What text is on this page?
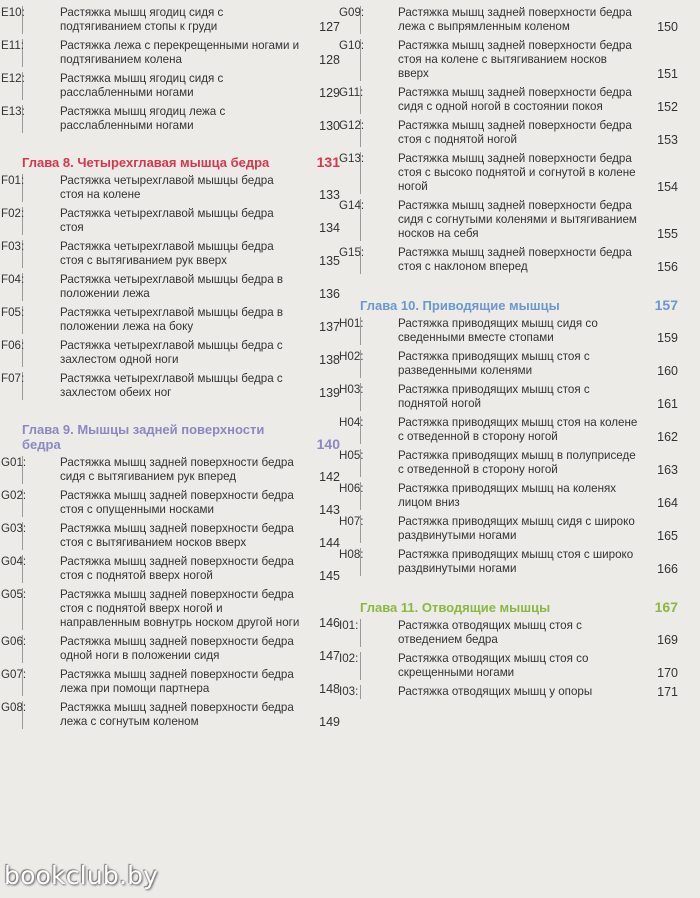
E10:	Растяжка мышц ягодиц сидя с подтягиванием стопы к груди	127
E11:	Растяжка лежа с перекрещенными ногами и подтягиванием колена	128
E12:	Растяжка мышц ягодиц сидя с расслабленными ногами	129
E13:	Растяжка мышц ягодиц лежа с расслабленными ногами	130
Глава 8. Четырехглавая мышца бедра	131
F01:	Растяжка четырехглавой мышцы бедра стоя на колене	133
F02:	Растяжка четырехглавой мышцы бедра стоя	134
F03:	Растяжка четырехглавой мышцы бедра стоя с вытягиванием рук вверх	135
F04:	Растяжка четырехглавой мышцы бедра в положении лежа	136
F05:	Растяжка четырехглавой мышцы бедра в положении лежа на боку	137
F06:	Растяжка четырехглавой мышцы бедра с захлестом одной ноги	138
F07:	Растяжка четырехглавой мышцы бедра с захлестом обеих ног	139
Глава 9. Мышцы задней поверхности бедра	140
G01:	Растяжка мышц задней поверхности бедра сидя с вытягиванием рук вперед	142
G02:	Растяжка мышц задней поверхности бедра стоя с опущенными носками	143
G03:	Растяжка мышц задней поверхности бедра стоя с вытягиванием носков вверх	144
G04:	Растяжка мышц задней поверхности бедра стоя с поднятой вверх ногой	145
G05:	Растяжка мышц задней поверхности бедра стоя с поднятой вверх ногой и направленным вовнутрь носком другой ноги	146
G06:	Растяжка мышц задней поверхности бедра одной ноги в положении сидя	147
G07:	Растяжка мышц задней поверхности бедра лежа при помощи партнера	148
G08:	Растяжка мышц задней поверхности бедра лежа с согнутым коленом	149
G09:	Растяжка мышц задней поверхности бедра лежа с выпрямленным коленом	150
G10:	Растяжка мышц задней поверхности бедра стоя на колене с вытягиванием носков вверх	151
G11:	Растяжка мышц задней поверхности бедра сидя с одной ногой в состоянии покоя	152
G12:	Растяжка мышц задней поверхности бедра стоя с поднятой ногой	153
G13:	Растяжка мышц задней поверхности бедра стоя с высоко поднятой и согнутой в колене ногой	154
G14:	Растяжка мышц задней поверхности бедра сидя с согнутыми коленями и вытягиванием носков на себя	155
G15:	Растяжка мышц задней поверхности бедра стоя с наклоном вперед	156
Глава 10. Приводящие мышцы	157
H01:	Растяжка приводящих мышц сидя со сведенными вместе стопами	159
H02:	Растяжка приводящих мышц стоя с разведенными коленями	160
H03:	Растяжка приводящих мышц стоя с поднятой ногой	161
H04:	Растяжка приводящих мышц стоя на колене с отведенной в сторону ногой	162
H05:	Растяжка приводящих мышц в полуприседе с отведенной в сторону ногой	163
H06:	Растяжка приводящих мышц на коленях лицом вниз	164
H07:	Растяжка приводящих мышц сидя с широко раздвинутыми ногами	165
H08:	Растяжка приводящих мышц стоя с широко раздвинутыми ногами	166
Глава 11. Отводящие мышцы	167
I01:	Растяжка отводящих мышц стоя с отведением бедра	169
I02:	Растяжка отводящих мышц стоя со скрещенными ногами	170
I03:	Растяжка отводящих мышц у опоры	171
bookclub.by
